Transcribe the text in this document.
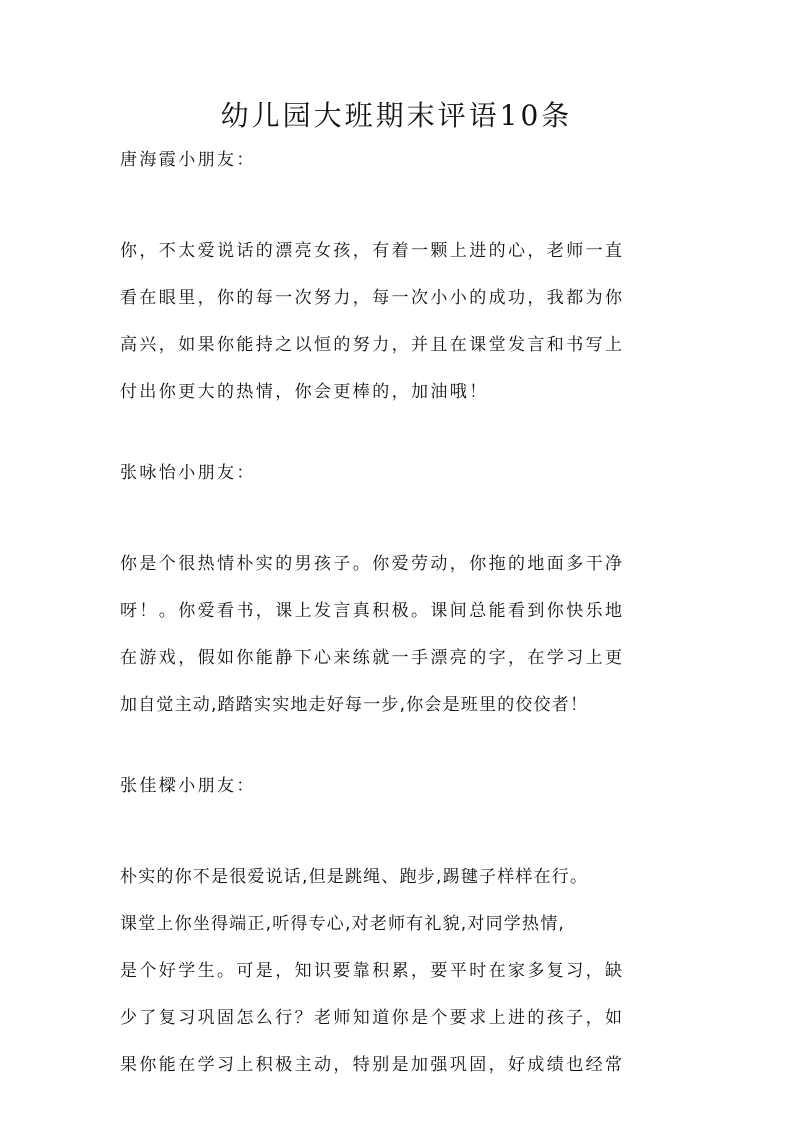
幼儿园大班期末评语10条
唐海霞小朋友：
你，不太爱说话的漂亮女孩，有着一颗上进的心，老师一直
看在眼里，你的每一次努力，每一次小小的成功，我都为你
高兴，如果你能持之以恒的努力，并且在课堂发言和书写上
付出你更大的热情，你会更棒的，加油哦！
张咏怡小朋友：
你是个很热情朴实的男孩子。你爱劳动，你拖的地面多干净
呀！。你爱看书，课上发言真积极。课间总能看到你快乐地
在游戏，假如你能静下心来练就一手漂亮的字，在学习上更
加自觉主动,踏踏实实地走好每一步,你会是班里的佼佼者！
张佳樑小朋友：
朴实的你不是很爱说话,但是跳绳、跑步,踢毽子样样在行。
课堂上你坐得端正,听得专心,对老师有礼貌,对同学热情,
是个好学生。可是，知识要靠积累，要平时在家多复习，缺
少了复习巩固怎么行？老师知道你是个要求上进的孩子，如
果你能在学习上积极主动，特别是加强巩固，好成绩也经常
